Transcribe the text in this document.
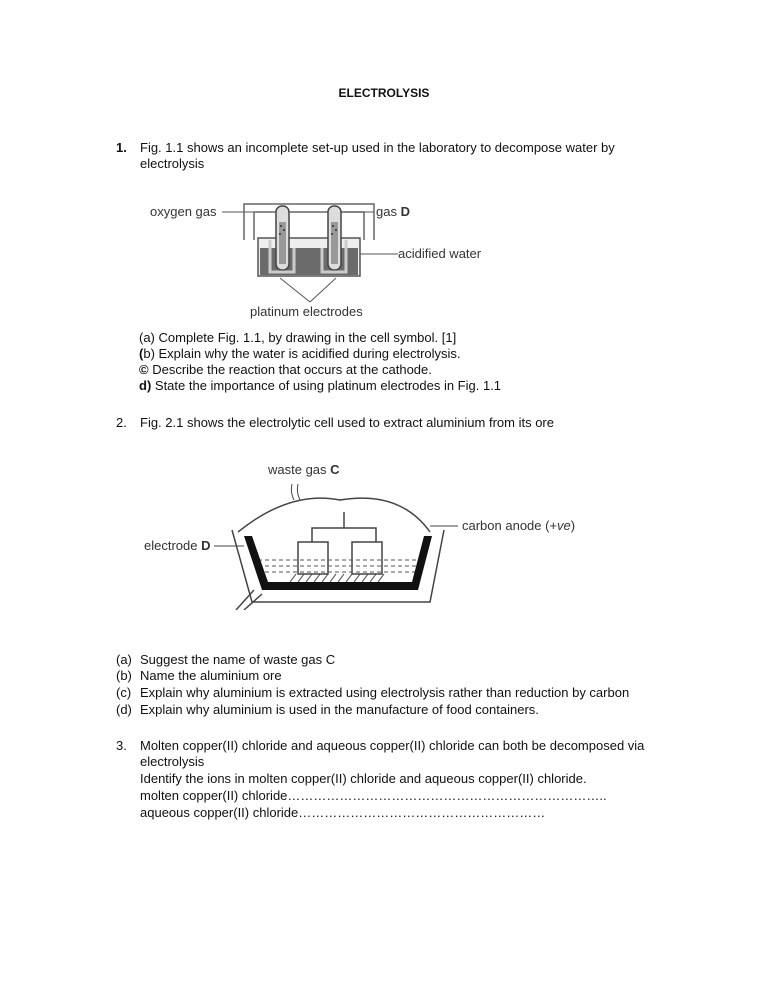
ELECTROLYSIS
1. Fig. 1.1 shows an incomplete set-up used in the laboratory to decompose water by
electrolysis
oxygen gas	gas D
acidified water
platinum electrodes
(a) Complete Fig. 1.1, by drawing in the cell symbol. [1]
(b) Explain why the water is acidified during electrolysis.
© Describe the reaction that occurs at the cathode.
d) State the importance of using platinum electrodes in Fig. 1.1
2. Fig. 2.1 shows the electrolytic cell used to extract aluminium from its ore
waste gas C
carbon anode (+ve)
electrode D
(a) Suggest the name of waste gas C
(b) Name the aluminium ore
(c) Explain why aluminium is extracted using electrolysis rather than reduction by carbon
(d) Explain why aluminium is used in the manufacture of food containers.
3. Molten copper(II) chloride and aqueous copper(II) chloride can both be decomposed via
electrolysis
Identify the ions in molten copper(II) chloride and aqueous copper(II) chloride.
molten copper(II) chloride………………………………………………………………..
aqueous copper(II) chloride…………………………………………………
